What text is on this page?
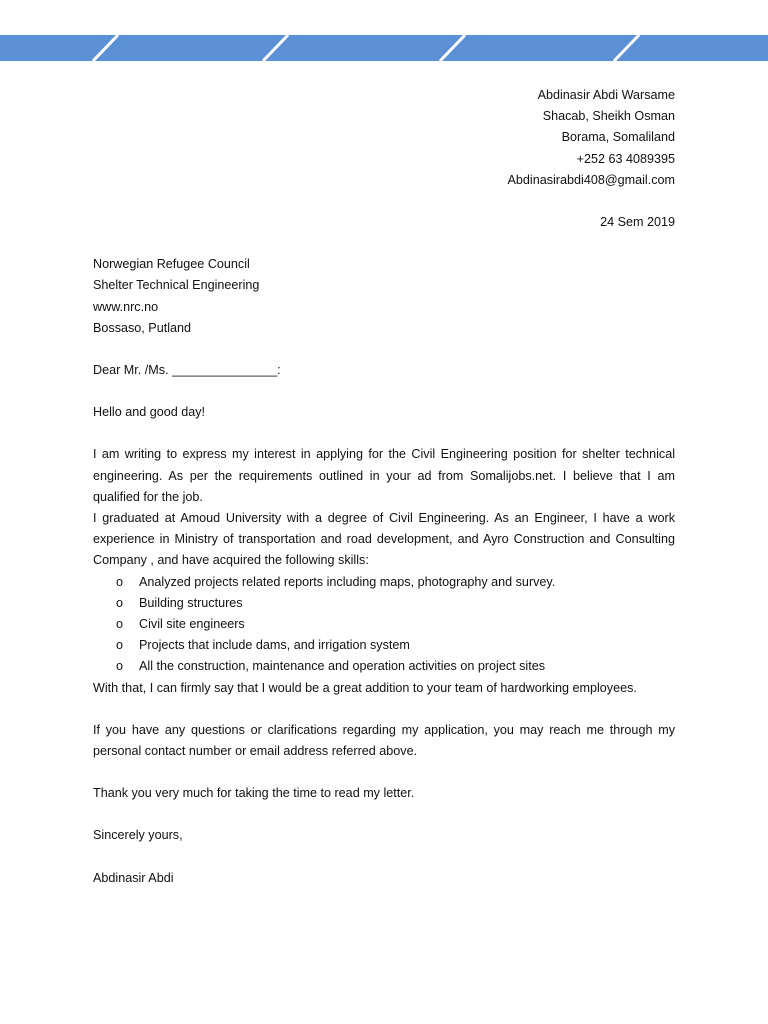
Abdinasir Abdi Warsame
Shacab, Sheikh Osman
Borama, Somaliland
+252 63 4089395
Abdinasirabdi408@gmail.com
24 Sem 2019
Norwegian Refugee Council
Shelter Technical Engineering
www.nrc.no
Bossaso, Putland
Dear Mr. /Ms. _______________:
Hello and good day!

I am writing to express my interest in applying for the Civil Engineering position for shelter technical engineering. As per the requirements outlined in your ad from Somalijobs.net. I believe that I am qualified for the job.

I graduated at Amoud University with a degree of Civil Engineering. As an Engineer, I have a work experience in Ministry of transportation and road development, and Ayro Construction and Consulting Company , and have acquired the following skills:

o Analyzed projects related reports including maps, photography and survey.
o Building structures
o Civil site engineers
o Projects that include dams, and irrigation system
o All the construction, maintenance and operation activities on project sites

With that, I can firmly say that I would be a great addition to your team of hardworking employees.

If you have any questions or clarifications regarding my application, you may reach me through my personal contact number or email address referred above.

Thank you very much for taking the time to read my letter.

Sincerely yours,
Abdinasir Abdi
